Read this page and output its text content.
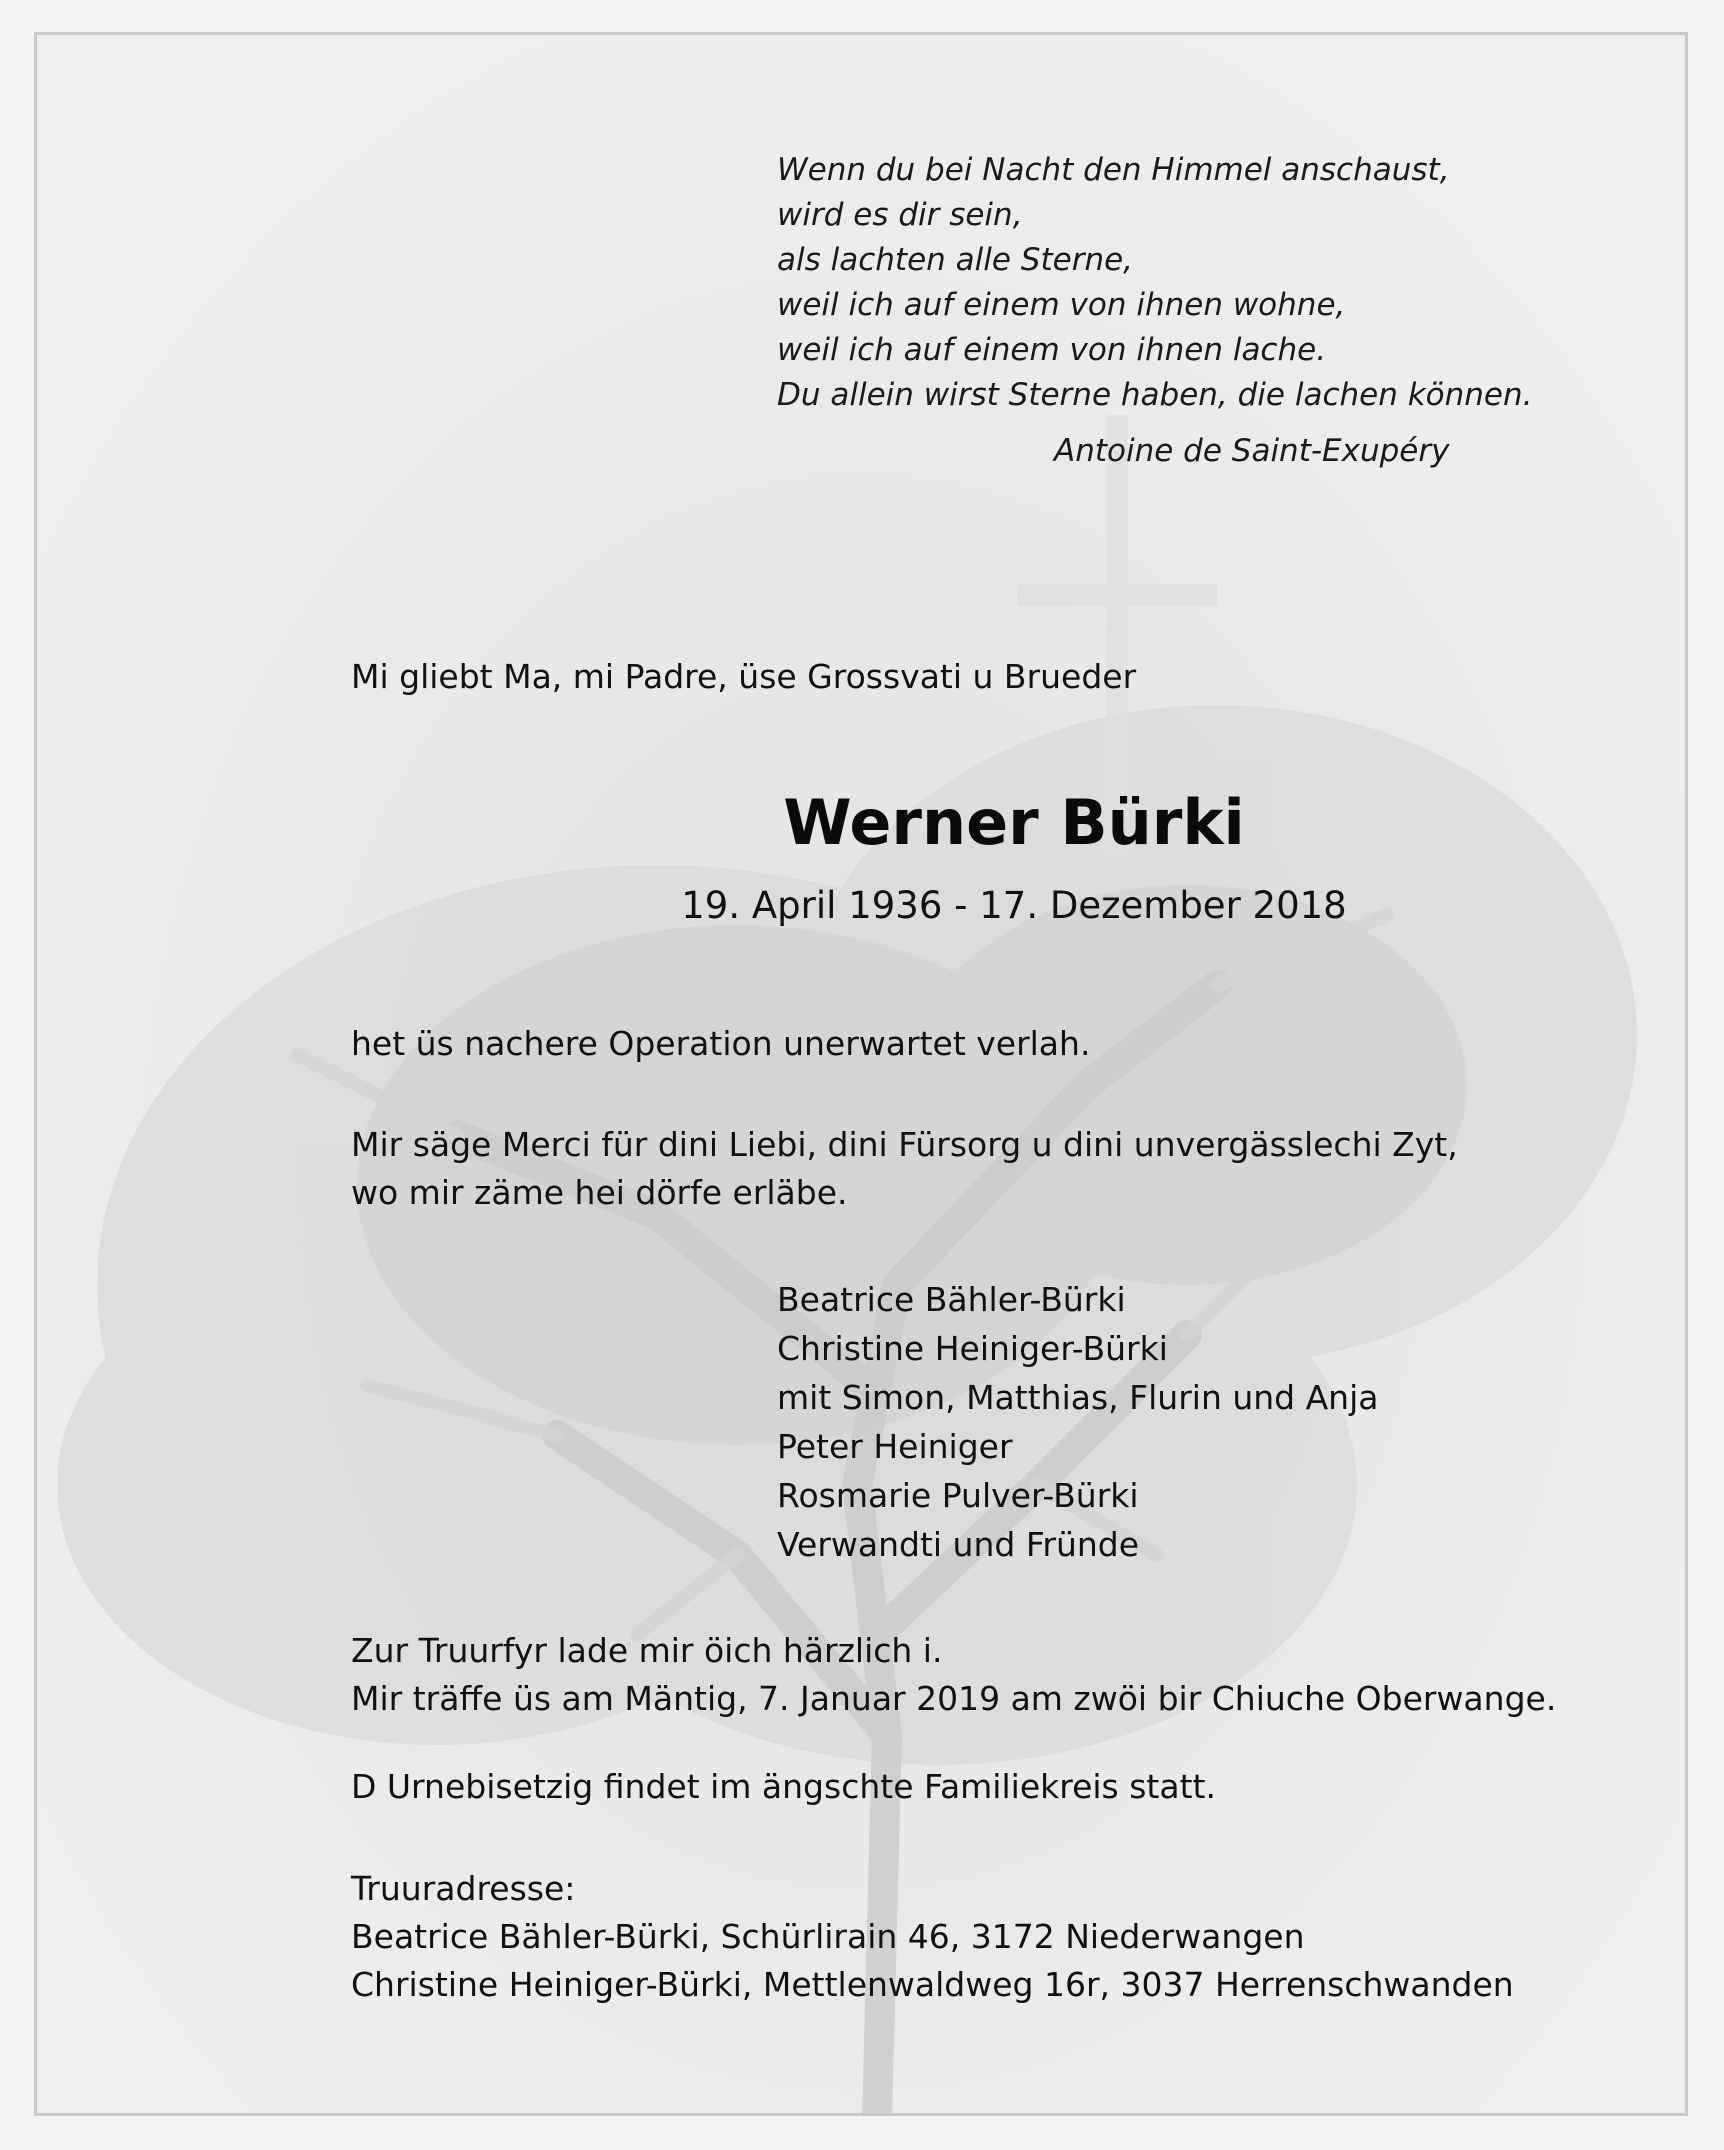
Wenn du bei Nacht den Himmel anschaust,
wird es dir sein,
als lachten alle Sterne,
weil ich auf einem von ihnen wohne,
weil ich auf einem von ihnen lache.
Du allein wirst Sterne haben, die lachen können.
Antoine de Saint-Exupéry
Mi gliebt Ma, mi Padre, üse Grossvati u Brueder
Werner Bürki
19. April 1936 - 17. Dezember 2018
het üs nachere Operation unerwartet verlah.
Mir säge Merci für dini Liebi, dini Fürsorg u dini unvergässlechi Zyt,
wo mir zäme hei dörfe erläbe.
Beatrice Bähler-Bürki
Christine Heiniger-Bürki
mit Simon, Matthias, Flurin und Anja
Peter Heiniger
Rosmarie Pulver-Bürki
Verwandti und Fründe
Zur Truurfyr lade mir öich härzlich i.
Mir träffe üs am Mäntig, 7. Januar 2019 am zwöi bir Chiuche Oberwange.
D Urnebisetzig findet im ängschte Familiekreis statt.
Truuradresse:
Beatrice Bähler-Bürki, Schürlirain 46, 3172 Niederwangen
Christine Heiniger-Bürki, Mettlenwaldweg 16r, 3037 Herrenschwanden
